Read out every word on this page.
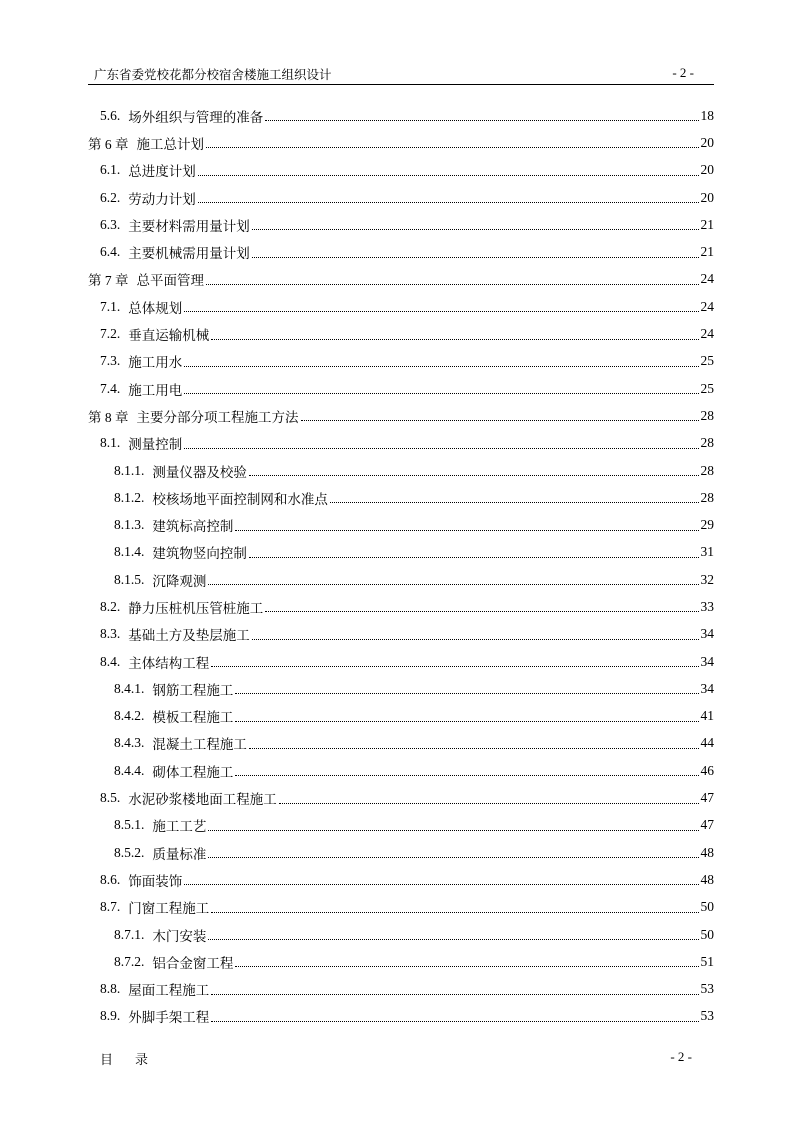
广东省委党校花都分校宿舍楼施工组织设计	- 2 -
5.6. 场外组织与管理的准备	18
第 6 章 施工总计划	20
6.1. 总进度计划	20
6.2. 劳动力计划	20
6.3. 主要材料需用量计划	21
6.4. 主要机械需用量计划	21
第 7 章 总平面管理	24
7.1. 总体规划	24
7.2. 垂直运输机械	24
7.3. 施工用水	25
7.4. 施工用电	25
第 8 章 主要分部分项工程施工方法	28
8.1. 测量控制	28
8.1.1. 测量仪器及校验	28
8.1.2. 校核场地平面控制网和水准点	28
8.1.3. 建筑标高控制	29
8.1.4. 建筑物竖向控制	31
8.1.5. 沉降观测	32
8.2. 静力压桩机压管桩施工	33
8.3. 基础土方及垫层施工	34
8.4. 主体结构工程	34
8.4.1. 钢筋工程施工	34
8.4.2. 模板工程施工	41
8.4.3. 混凝土工程施工	44
8.4.4. 砌体工程施工	46
8.5. 水泥砂浆楼地面工程施工	47
8.5.1. 施工工艺	47
8.5.2. 质量标准	48
8.6. 饰面装饰	48
8.7. 门窗工程施工	50
8.7.1. 木门安装	50
8.7.2. 铝合金窗工程	51
8.8. 屋面工程施工	53
8.9. 外脚手架工程	53
目录	- 2 -
